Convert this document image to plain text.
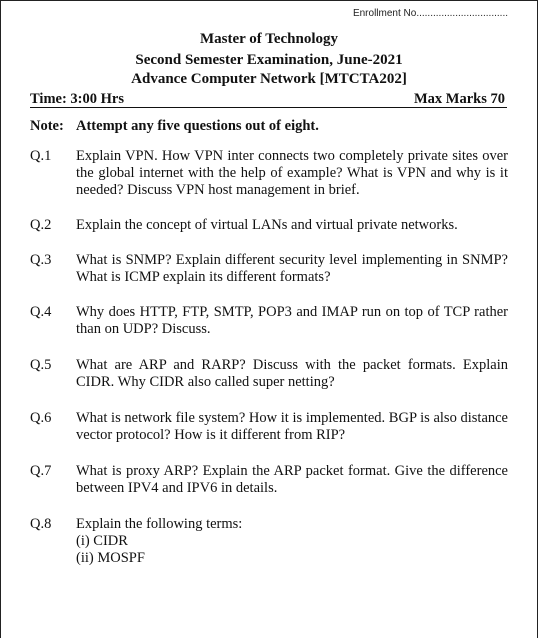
Enrollment No.................................
Master of Technology
Second Semester Examination, June-2021
Advance Computer Network [MTCTA202]
Time: 3:00 Hrs	Max Marks 70
Note: Attempt any five questions out of eight.
Q.1 Explain VPN. How VPN inter connects two completely private sites over the global internet with the help of example? What is VPN and why is it needed? Discuss VPN host management in brief.
Q.2 Explain the concept of virtual LANs and virtual private networks.
Q.3 What is SNMP? Explain different security level implementing in SNMP? What is ICMP explain its different formats?
Q.4 Why does HTTP, FTP, SMTP, POP3 and IMAP run on top of TCP rather than on UDP? Discuss.
Q.5 What are ARP and RARP? Discuss with the packet formats. Explain CIDR. Why CIDR also called super netting?
Q.6 What is network file system? How it is implemented. BGP is also distance vector protocol? How is it different from RIP?
Q.7 What is proxy ARP? Explain the ARP packet format. Give the difference between IPV4 and IPV6 in details.
Q.8 Explain the following terms:
(i) CIDR
(ii) MOSPF
